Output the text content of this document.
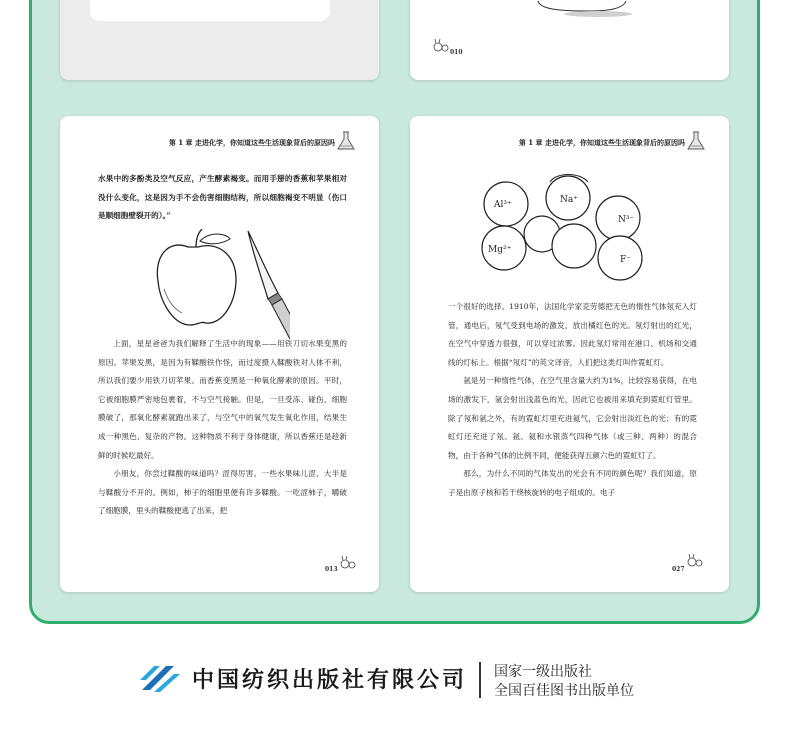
010
第 1 章 走进化学，你知道这些生活现象背后的原因吗

水果中的多酚类及空气反应，产生酵素褐变。而用手掰的香蕉和苹果相对没什么变化，这是因为手不会伤害细胞结构，所以细胞褐变不明显（伤口是顺细胞壁裂开的）。”

上面，星星爸爸为我们解释了生活中的现象——用铁刀切水果变黑的原因。苹果发黑，是因为有鞣酸铁作怪，而过度摄入鞣酸铁对人体不利，所以我们要少用铁刀切苹果。而香蕉变黑是一种氧化酵素的原因。平时，它被细胞膜严密地包裹着，不与空气接触。但是，一旦受冻、碰伤，细胞膜破了，那氧化酵素就跑出来了，与空气中的氧气发生氧化作用，结果生成一种黑色、复杂的产物。这种物质不利于身体健康，所以香蕉还是趁新鲜的时候吃最好。

小朋友，你尝过鞣酸的味道吗？涩得厉害。一些水果味儿涩、大半是与鞣酸分不开的。例如，柿子的细胞里便有许多鞣酸。一吃涩柿子，嚼破了细胞膜，里头的鞣酸便逃了出来，把

013
第 1 章 走进化学，你知道这些生活现象背后的原因吗
Al³⁺	Na⁺
Mg²⁺
N³⁻
F⁻

一个很好的选择。1910年，法国化学家克劳德把无色的惰性气体氖充入灯管，通电后，氖气受到电场的激发，放出橘红色的光。氖灯射出的红光，在空气中穿透力很强，可以穿过浓雾。因此氖灯常用在港口、机场和交通线的灯标上。根据“氖灯”的英文译音，人们把这类灯叫作霓虹灯。

氩是另一种惰性气体，在空气里含量大约为1%，比较容易获得，在电场的激发下，氩会射出浅蓝色的光，因此它也被用来填充到霓虹灯管里。除了氖和氩之外，有的霓虹灯里充进氦气，它会射出淡红色的光；有的霓虹灯还充进了氖、氩、氦和水银蒸气四种气体（或三种、两种）的混合物，由于各种气体的比例不同，便能获得五颜六色的霓虹灯了。

那么，为什么不同的气体发出的光会有不同的颜色呢？我们知道，原子是由原子核和若干绕核旋转的电子组成的。电子

027
中国纺织出版社有限公司 国家一级出版社
全国百佳图书出版单位
